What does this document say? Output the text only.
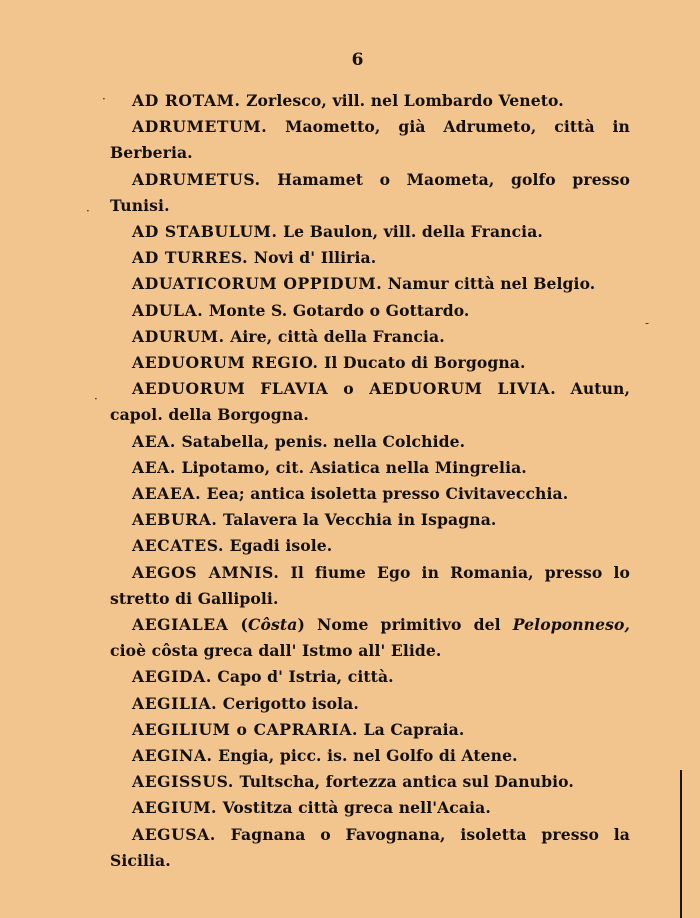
6

AD ROTAM. Zorlesco, vill. nel Lombardo Veneto.

ADRUMETUM. Maometto, già Adrumeto, città in Berberia.

ADRUMETUS. Hamamet o Maometa, golfo presso Tunisi.

AD STABULUM. Le Baulon, vill. della Francia.

AD TURRES. Novi d' Illiria.

ADUATICORUM OPPIDUM. Namur città nel Belgio.

ADULA. Monte S. Gotardo o Gottardo.

ADURUM. Aire, città della Francia.

AEDUORUM REGIO. Il Ducato di Borgogna.

AEDUORUM FLAVIA o AEDUORUM LIVIA. Autun, capol. della Borgogna.

AEA. Satabella, penis. nella Colchide.

AEA. Lipotamo, cit. Asiatica nella Mingrelia.

AEAEA. Eea; antica isoletta presso Civitavecchia.

AEBURA. Talavera la Vecchia in Ispagna.

AECATES. Egadi isole.

AEGOS AMNIS. Il fiume Ego in Romania, presso lo stretto di Gallipoli.

AEGIALEA (Côsta) Nome primitivo del Peloponneso, cioè côsta greca dall' Istmo all' Elide.

AEGIDA. Capo d' Istria, città.

AEGILIA. Cerigotto isola.

AEGILIUM o CAPRARIA. La Capraia.

AEGINA. Engia, picc. is. nel Golfo di Atene.

AEGISSUS. Tultscha, fortezza antica sul Danubio.

AEGIUM. Vostitza città greca nell'Acaia.

AEGUSA. Fagnana o Favognana, isoletta presso la Sicilia.

·
·
-
·
